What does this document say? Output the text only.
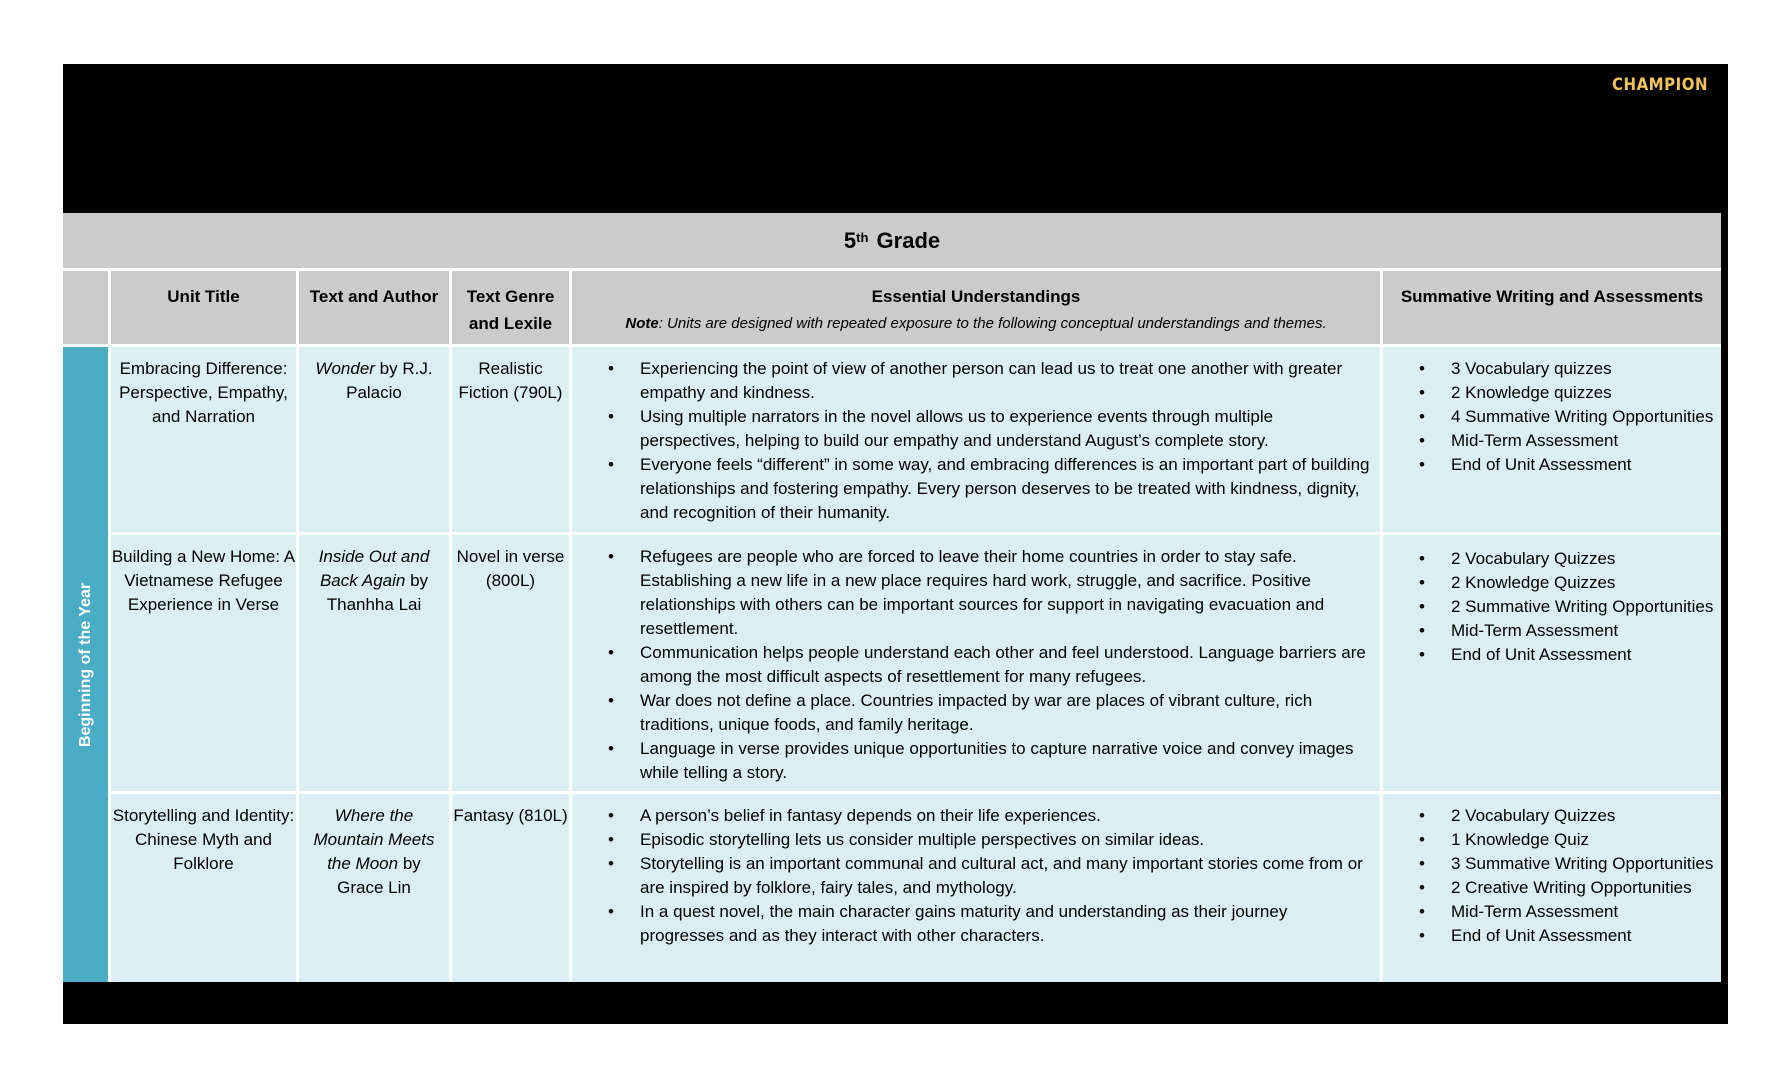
CHAMPION
5th
Grade
Unit Title	Text and Author	Text Genre and Lexile
Essential Understandings
Note: Units are designed with repeated exposure to the following conceptual understandings and themes.
Summative Writing and Assessments
Beginning of the Year
Embracing Difference: Perspective, Empathy, and Narration
Wonder by R.J. Palacio
Realistic Fiction (790L)
• Experiencing the point of view of another person can lead us to treat one another with greater empathy and kindness.
• Using multiple narrators in the novel allows us to experience events through multiple perspectives, helping to build our empathy and understand August’s complete story.
• Everyone feels “different” in some way, and embracing differences is an important part of building relationships and fostering empathy. Every person deserves to be treated with kindness, dignity, and recognition of their humanity.
• 3 Vocabulary quizzes
• 2 Knowledge quizzes
• 4 Summative Writing Opportunities
• Mid-Term Assessment
• End of Unit Assessment
Building a New Home: A Vietnamese Refugee Experience in Verse
Inside Out and Back Again by Thanhha Lai
Novel in verse (800L)
• Refugees are people who are forced to leave their home countries in order to stay safe. Establishing a new life in a new place requires hard work, struggle, and sacrifice. Positive relationships with others can be important sources for support in navigating evacuation and resettlement.
• Communication helps people understand each other and feel understood. Language barriers are among the most difficult aspects of resettlement for many refugees.
• War does not define a place. Countries impacted by war are places of vibrant culture, rich traditions, unique foods, and family heritage.
• Language in verse provides unique opportunities to capture narrative voice and convey images while telling a story.
• 2 Vocabulary Quizzes
• 2 Knowledge Quizzes
• 2 Summative Writing Opportunities
• Mid-Term Assessment
• End of Unit Assessment
Storytelling and Identity: Chinese Myth and Folklore
Where the Mountain Meets the Moon by Grace Lin
Fantasy (810L)
•	A person’s belief in fantasy depends on their life experiences.
• Episodic storytelling lets us consider multiple perspectives on similar ideas.
• Storytelling is an important communal and cultural act, and many important stories come from or are inspired by folklore, fairy tales, and mythology.
• In a quest novel, the main character gains maturity and understanding as their journey progresses and as they interact with other characters.
• 2 Vocabulary Quizzes
• 1 Knowledge Quiz
• 3 Summative Writing Opportunities
• 2 Creative Writing Opportunities
• Mid-Term Assessment
• End of Unit Assessment
